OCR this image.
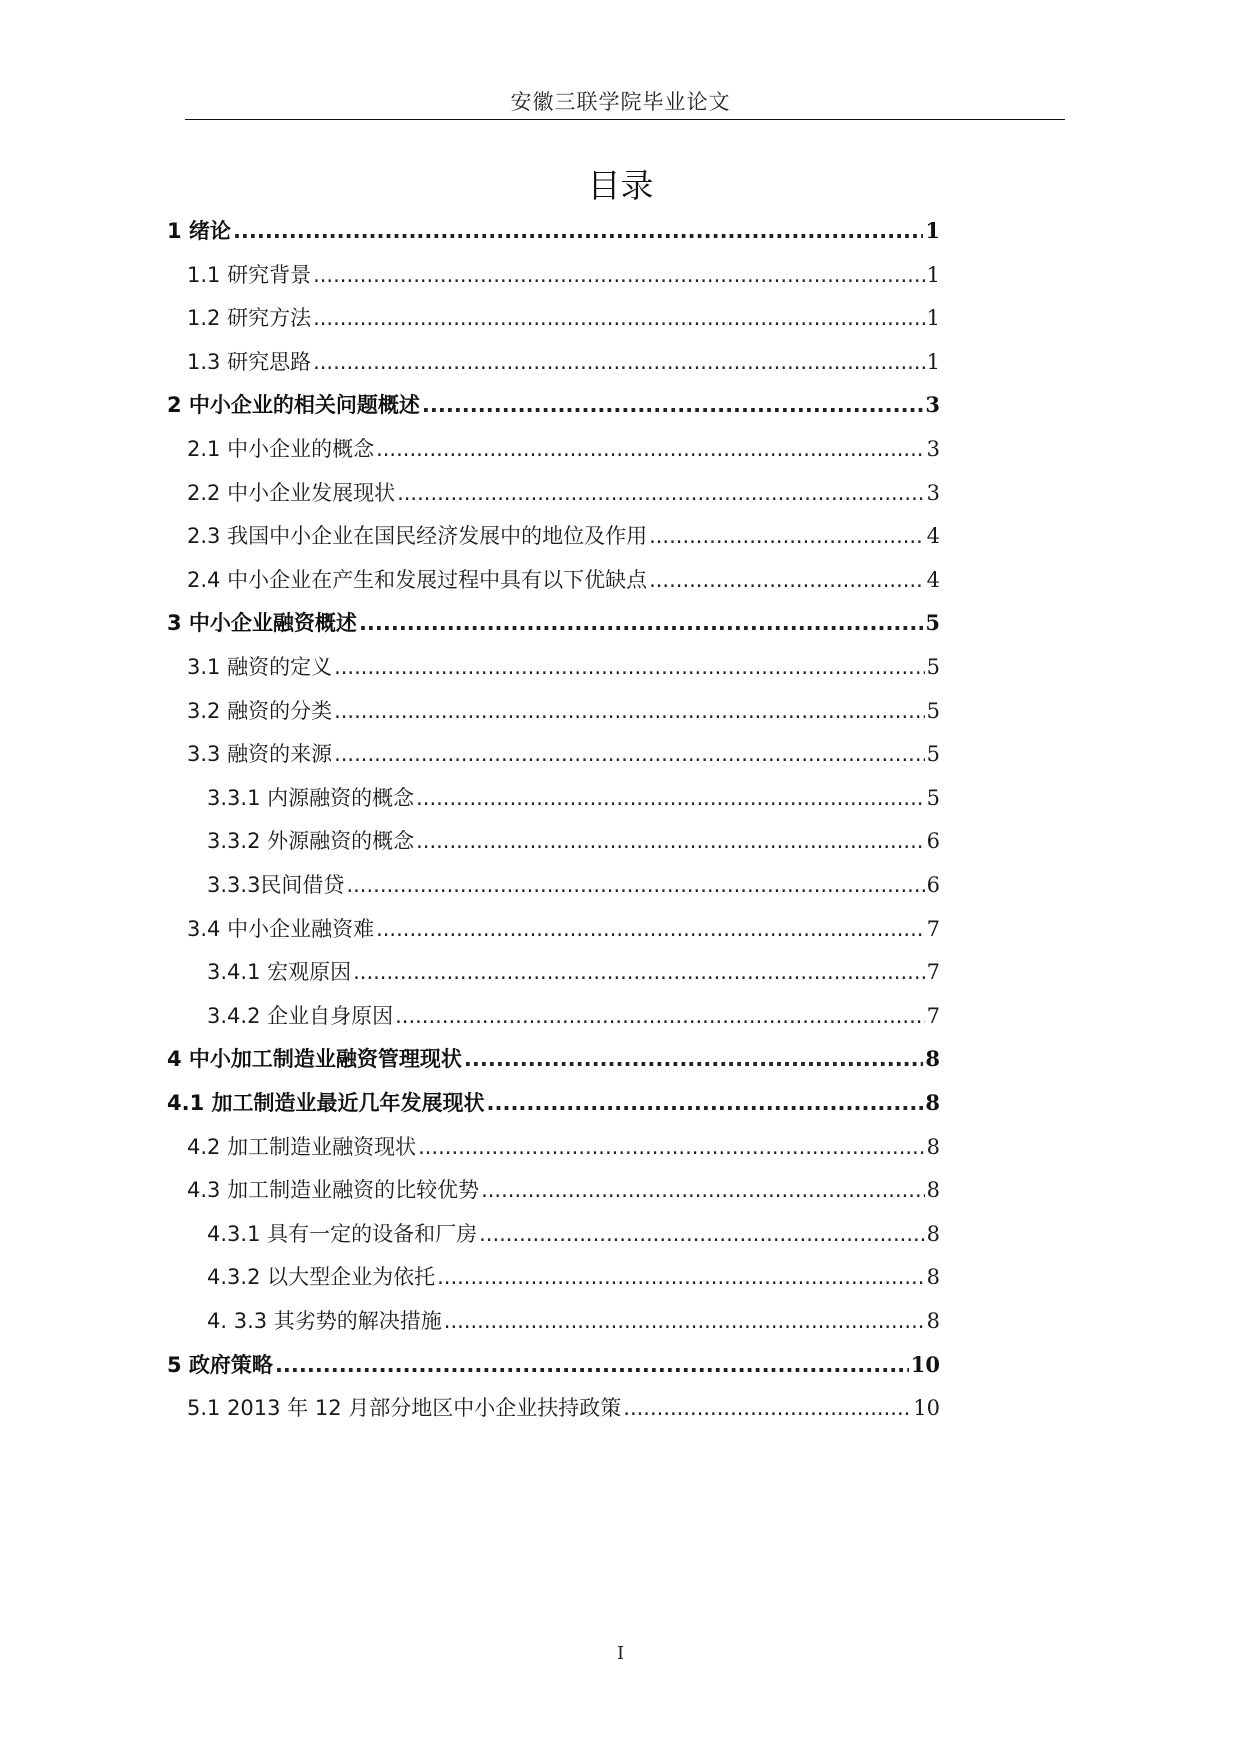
安徽三联学院毕业论文
目录
1 绪论 .....	1
1.1 研究背景 .....	1
1.2 研究方法 .....	1
1.3 研究思路 .....	1
2 中小企业的相关问题概述 .....	3
2.1 中小企业的概念 .....	3
2.2 中小企业发展现状 .....	3
2.3 我国中小企业在国民经济发展中的地位及作用 .....	4
2.4 中小企业在产生和发展过程中具有以下优缺点 .....	4
3 中小企业融资概述 .....	5
3.1 融资的定义 .....	5
3.2 融资的分类 .....	5
3.3 融资的来源 .....	5
3.3.1 内源融资的概念 .....	5
3.3.2 外源融资的概念 .....	6
3.3.3民间借贷 .....	6
3.4 中小企业融资难 .....	7
3.4.1 宏观原因 .....	7
3.4.2 企业自身原因 .....	7
4 中小加工制造业融资管理现状 .....	8
4.1 加工制造业最近几年发展现状 .....	8
4.2 加工制造业融资现状 .....	8
4.3 加工制造业融资的比较优势 .....	8
4.3.1 具有一定的设备和厂房 .....	8
4.3.2 以大型企业为依托 .....	8
4. 3.3 其劣势的解决措施 .....	8
5 政府策略 .....	10
5.1 2013 年 12 月部分地区中小企业扶持政策 .....	10
I
